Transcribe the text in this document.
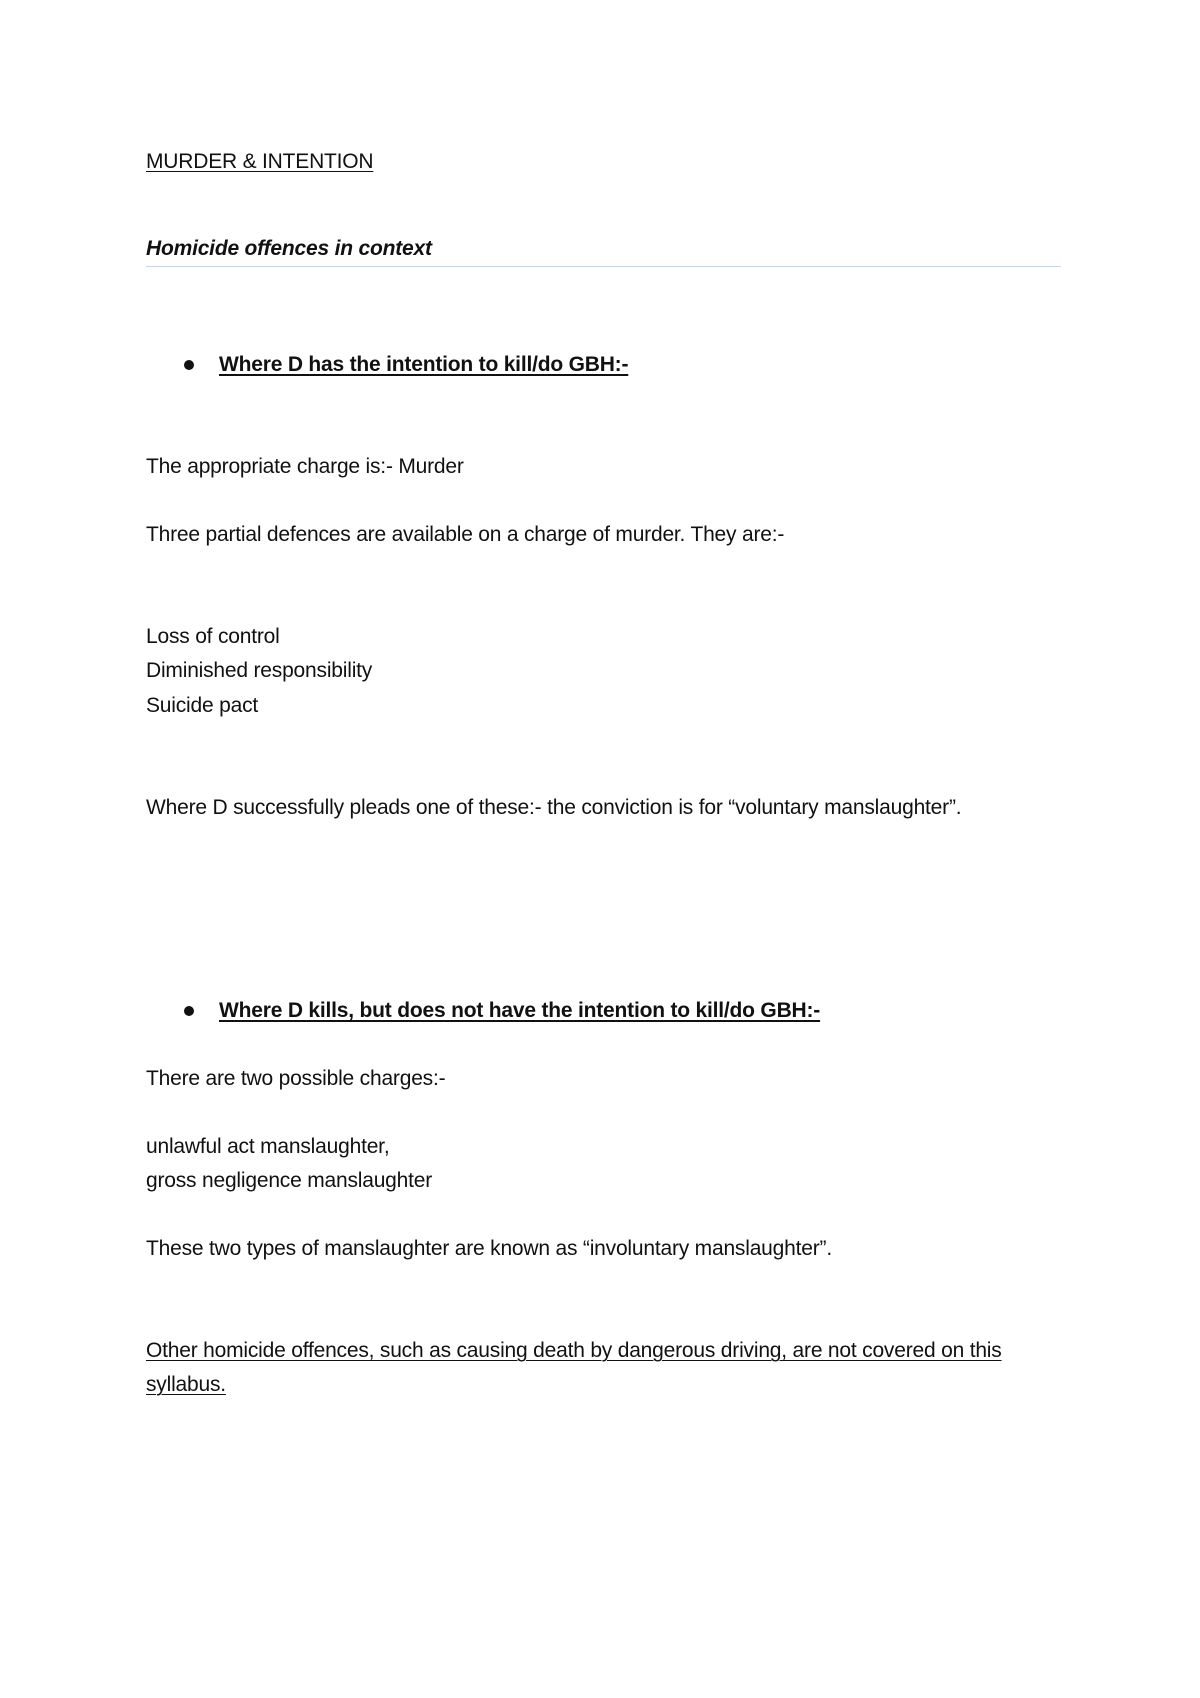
MURDER & INTENTION
Homicide offences in context
Where D has the intention to kill/do GBH:-
The appropriate charge is:- Murder
Three partial defences are available on a charge of murder. They are:-
Loss of control
Diminished responsibility
Suicide pact
Where D successfully pleads one of these:- the conviction is for “voluntary manslaughter”.
Where D kills, but does not have the intention to kill/do GBH:-
There are two possible charges:-
unlawful act manslaughter,
gross negligence manslaughter
These two types of manslaughter are known as “involuntary manslaughter”.
Other homicide offences, such as causing death by dangerous driving, are not covered on this syllabus.
